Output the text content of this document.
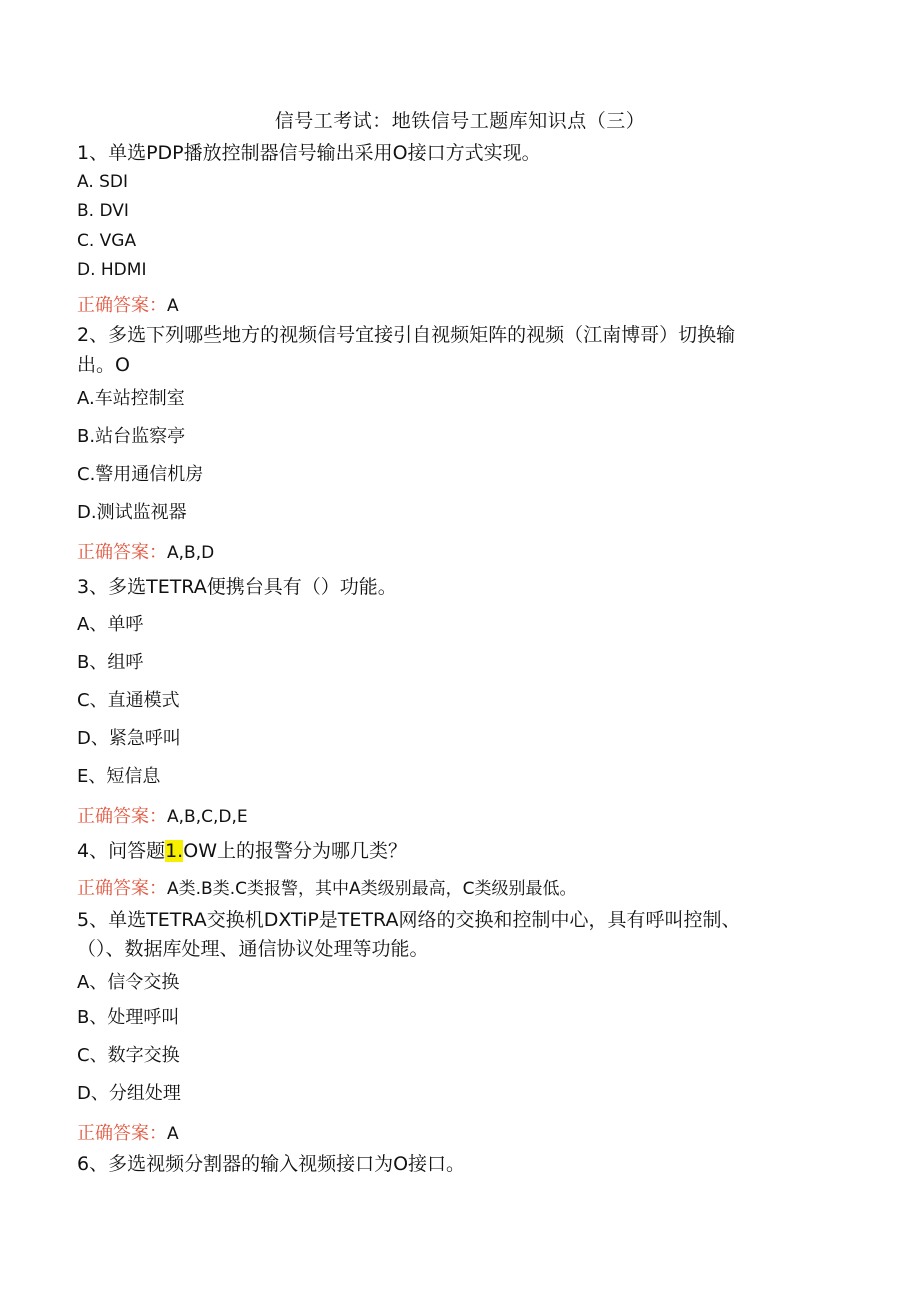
信号工考试：地铁信号工题库知识点（三）
1、单选PDP播放控制器信号输出采用O接口方式实现。
A. SDI
B. DVI
C. VGA
D. HDMI
正确答案：A
2、多选下列哪些地方的视频信号宜接引自视频矩阵的视频（江南博哥）切换输
出。O
A.车站控制室
B.站台监察亭
C.警用通信机房
D.测试监视器
正确答案：A,B,D
3、多选TETRA便携台具有（）功能。
A、单呼
B、组呼
C、直通模式
D、紧急呼叫
E、短信息
正确答案：A,B,C,D,E
4、问答题1.OW上的报警分为哪几类？
正确答案：A类.B类.C类报警，其中A类级别最高，C类级别最低。
5、单选TETRA交换机DXTiP是TETRA网络的交换和控制中心，具有呼叫控制、
（）、数据库处理、通信协议处理等功能。
A、信令交换
B、处理呼叫
C、数字交换
D、分组处理
正确答案：A
6、多选视频分割器的输入视频接口为O接口。
